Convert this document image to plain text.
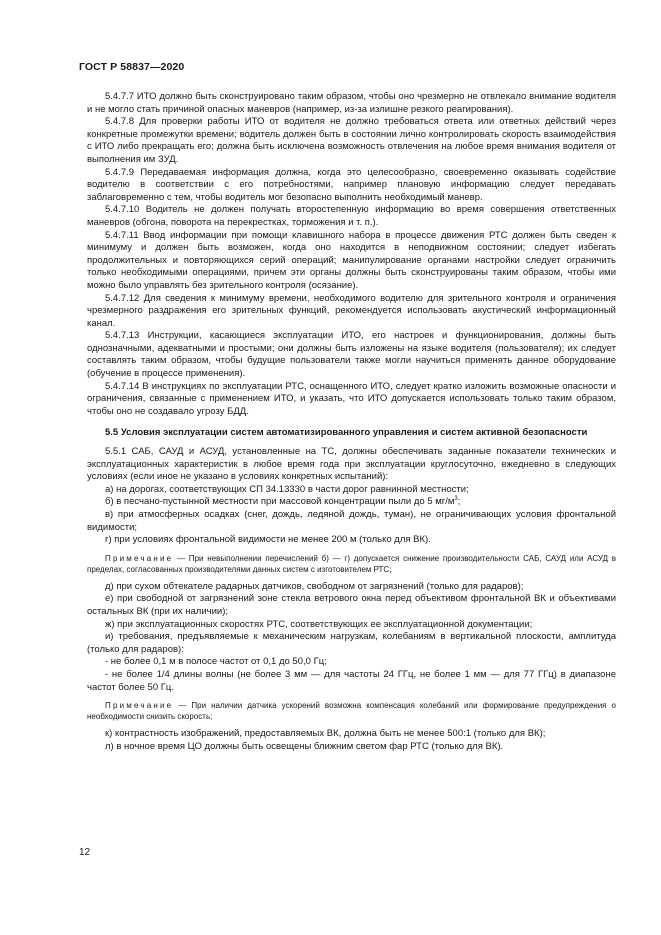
ГОСТ Р 58837—2020

5.4.7.7 ИТО должно быть сконструировано таким образом, чтобы оно чрезмерно не отвлекало внимание водителя и не могло стать причиной опасных маневров (например, из-за излишне резкого реагирования).

5.4.7.8 Для проверки работы ИТО от водителя не должно требоваться ответа или ответных действий через конкретные промежутки времени; водитель должен быть в состоянии лично контролировать скорость взаимодействия с ИТО либо прекращать его; должна быть исключена возможность отвлечения на любое время внимания водителя от выполнения им ЗУД.

5.4.7.9 Передаваемая информация должна, когда это целесообразно, своевременно оказывать содействие водителю в соответствии с его потребностями, например плановую информацию следует передавать заблаговременно с тем, чтобы водитель мог безопасно выполнить необходимый маневр.

5.4.7.10 Водитель не должен получать второстепенную информацию во время совершения ответственных маневров (обгона, поворота на перекрестках, торможения и т. п.).

5.4.7.11 Ввод информации при помощи клавишного набора в процессе движения РТС должен быть сведен к минимуму и должен быть возможен, когда оно находится в неподвижном состоянии; следует избегать продолжительных и повторяющихся серий операций; манипулирование органами настройки следует ограничить только необходимыми операциями, причем эти органы должны быть сконструированы таким образом, чтобы ими можно было управлять без зрительного контроля (осязание).

5.4.7.12 Для сведения к минимуму времени, необходимого водителю для зрительного контроля и ограничения чрезмерного раздражения его зрительных функций, рекомендуется использовать акустический информационный канал.

5.4.7.13 Инструкции, касающиеся эксплуатации ИТО, его настроек и функционирования, должны быть однозначными, адекватными и простыми; они должны быть изложены на языке водителя (пользователя); их следует составлять таким образом, чтобы будущие пользователи также могли научиться применять данное оборудование (обучение в процессе применения).

5.4.7.14 В инструкциях по эксплуатации РТС, оснащенного ИТО, следует кратко изложить возможные опасности и ограничения, связанные с применением ИТО, и указать, что ИТО допускается использовать только таким образом, чтобы оно не создавало угрозу БДД.

5.5 Условия эксплуатации систем автоматизированного управления и систем активной безопасности

5.5.1 САБ, САУД и АСУД, установленные на ТС, должны обеспечивать заданные показатели технических и эксплуатационных характеристик в любое время года при эксплуатации круглосуточно, ежедневно в следующих условиях (если иное не указано в условиях конкретных испытаний):

а) на дорогах, соответствующих СП 34.13330 в части дорог равнинной местности;

б) в песчано-пустынной местности при массовой концентрации пыли до 5 $мг/м^3$;

в) при атмосферных осадках (снег, дождь, ледяной дождь, туман), не ограничивающих условия фронтальной видимости;

г) при условиях фронтальной видимости не менее 200 м (только для ВК).

Примечание — При невыполнении перечислений б) — г) допускается снижение производительности САБ, САУД или АСУД в пределах, согласованных производителями данных систем с изготовителем РТС;

д) при сухом обтекателе радарных датчиков, свободном от загрязнений (только для радаров);

е) при свободной от загрязнений зоне стекла ветрового окна перед объективом фронтальной ВК и объективами остальных ВК (при их наличии);

ж) при эксплуатационных скоростях РТС, соответствующих ее эксплуатационной документации;

и) требования, предъявляемые к механическим нагрузкам, колебаниям в вертикальной плоскости, амплитуда (только для радаров):

- не более 0,1 м в полосе частот от 0,1 до 50,0 Гц;

- не более 1/4 длины волны (не более 3 мм — для частоты 24 ГГц, не более 1 мм — для 77 ГГц) в диапазоне частот более 50 Гц.

Примечание — При наличии датчика ускорений возможна компенсация колебаний или формирование предупреждения о необходимости снизить скорость;

к) контрастность изображений, предоставляемых ВК, должна быть не менее 500:1 (только для ВК);

л) в ночное время ЦО должны быть освещены ближним светом фар РТС (только для ВК).

12
